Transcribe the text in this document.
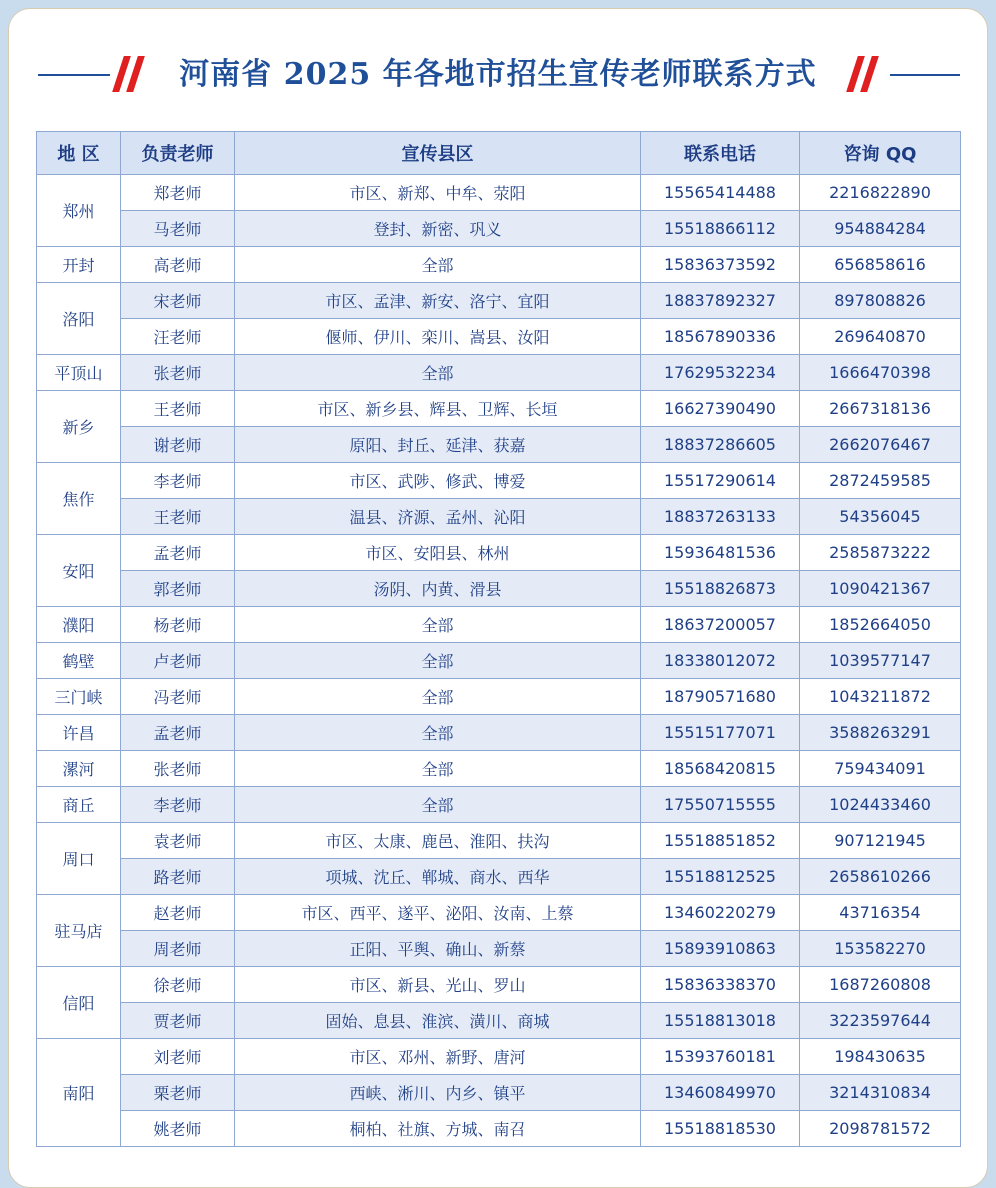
河南省 2025 年各地市招生宣传老师联系方式
地 区	负责老师	宣传县区	联系电话	咨询 QQ
郑州	郑老师	市区、新郑、中牟、荥阳	15565414488	2216822890
	马老师	登封、新密、巩义	15518866112	954884284
开封	高老师	全部	15836373592	656858616
洛阳	宋老师	市区、孟津、新安、洛宁、宜阳	18837892327	897808826
	汪老师	偃师、伊川、栾川、嵩县、汝阳	18567890336	269640870
平顶山	张老师	全部	17629532234	1666470398
新乡	王老师	市区、新乡县、辉县、卫辉、长垣	16627390490	2667318136
	谢老师	原阳、封丘、延津、获嘉	18837286605	2662076467
焦作	李老师	市区、武陟、修武、博爱	15517290614	2872459585
	王老师	温县、济源、孟州、沁阳	18837263133	54356045
安阳	孟老师	市区、安阳县、林州	15936481536	2585873222
	郭老师	汤阴、内黄、滑县	15518826873	1090421367
濮阳	杨老师	全部	18637200057	1852664050
鹤壁	卢老师	全部	18338012072	1039577147
三门峡	冯老师	全部	18790571680	1043211872
许昌	孟老师	全部	15515177071	3588263291
漯河	张老师	全部	18568420815	759434091
商丘	李老师	全部	17550715555	1024433460
周口	袁老师	市区、太康、鹿邑、淮阳、扶沟	15518851852	907121945
	路老师	项城、沈丘、郸城、商水、西华	15518812525	2658610266
驻马店	赵老师	市区、西平、遂平、泌阳、汝南、上蔡	13460220279	43716354
	周老师	正阳、平舆、确山、新蔡	15893910863	153582270
信阳	徐老师	市区、新县、光山、罗山	15836338370	1687260808
	贾老师	固始、息县、淮滨、潢川、商城	15518813018	3223597644
南阳	刘老师	市区、邓州、新野、唐河	15393760181	198430635
	栗老师	西峡、淅川、内乡、镇平	13460849970	3214310834
	姚老师	桐柏、社旗、方城、南召	15518818530	2098781572
